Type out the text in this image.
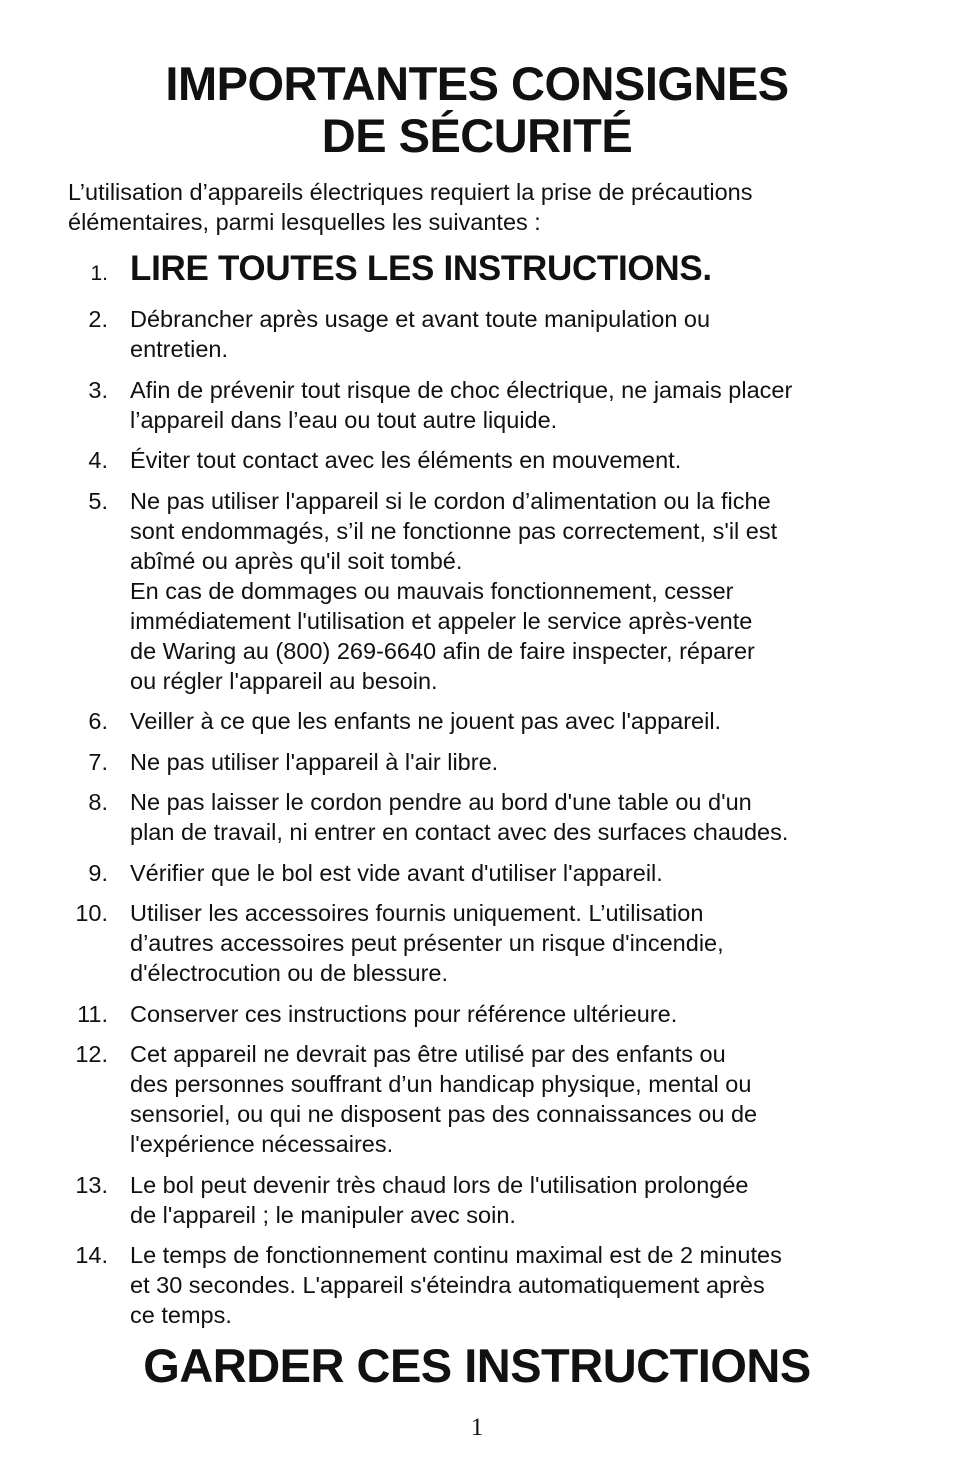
IMPORTANTES CONSIGNES
DE SÉCURITÉ

L’utilisation d’appareils électriques requiert la prise de précautions
élémentaires, parmi lesquelles les suivantes :

1. LIRE TOUTES LES INSTRUCTIONS.
2. Débrancher après usage et avant toute manipulation ou
entretien.
3. Afin de prévenir tout risque de choc électrique, ne jamais placer
l’appareil dans l’eau ou tout autre liquide.
4. Éviter tout contact avec les éléments en mouvement.
5. Ne pas utiliser l'appareil si le cordon d’alimentation ou la fiche
sont endommagés, s’il ne fonctionne pas correctement, s'il est
abîmé ou après qu'il soit tombé.
En cas de dommages ou mauvais fonctionnement, cesser
immédiatement l'utilisation et appeler le service après-vente
de Waring au (800) 269-6640 afin de faire inspecter, réparer
ou régler l'appareil au besoin.
6. Veiller à ce que les enfants ne jouent pas avec l'appareil.
7. Ne pas utiliser l'appareil à l'air libre.
8. Ne pas laisser le cordon pendre au bord d'une table ou d'un
plan de travail, ni entrer en contact avec des surfaces chaudes.
9. Vérifier que le bol est vide avant d'utiliser l'appareil.
10. Utiliser les accessoires fournis uniquement. L’utilisation
d’autres accessoires peut présenter un risque d'incendie,
d'électrocution ou de blessure.
11. Conserver ces instructions pour référence ultérieure.
12. Cet appareil ne devrait pas être utilisé par des enfants ou
des personnes souffrant d’un handicap physique, mental ou
sensoriel, ou qui ne disposent pas des connaissances ou de
l'expérience nécessaires.
13. Le bol peut devenir très chaud lors de l'utilisation prolongée
de l'appareil ; le manipuler avec soin.
14. Le temps de fonctionnement continu maximal est de 2 minutes
et 30 secondes. L'appareil s'éteindra automatiquement après
ce temps.
GARDER CES INSTRUCTIONS
1
